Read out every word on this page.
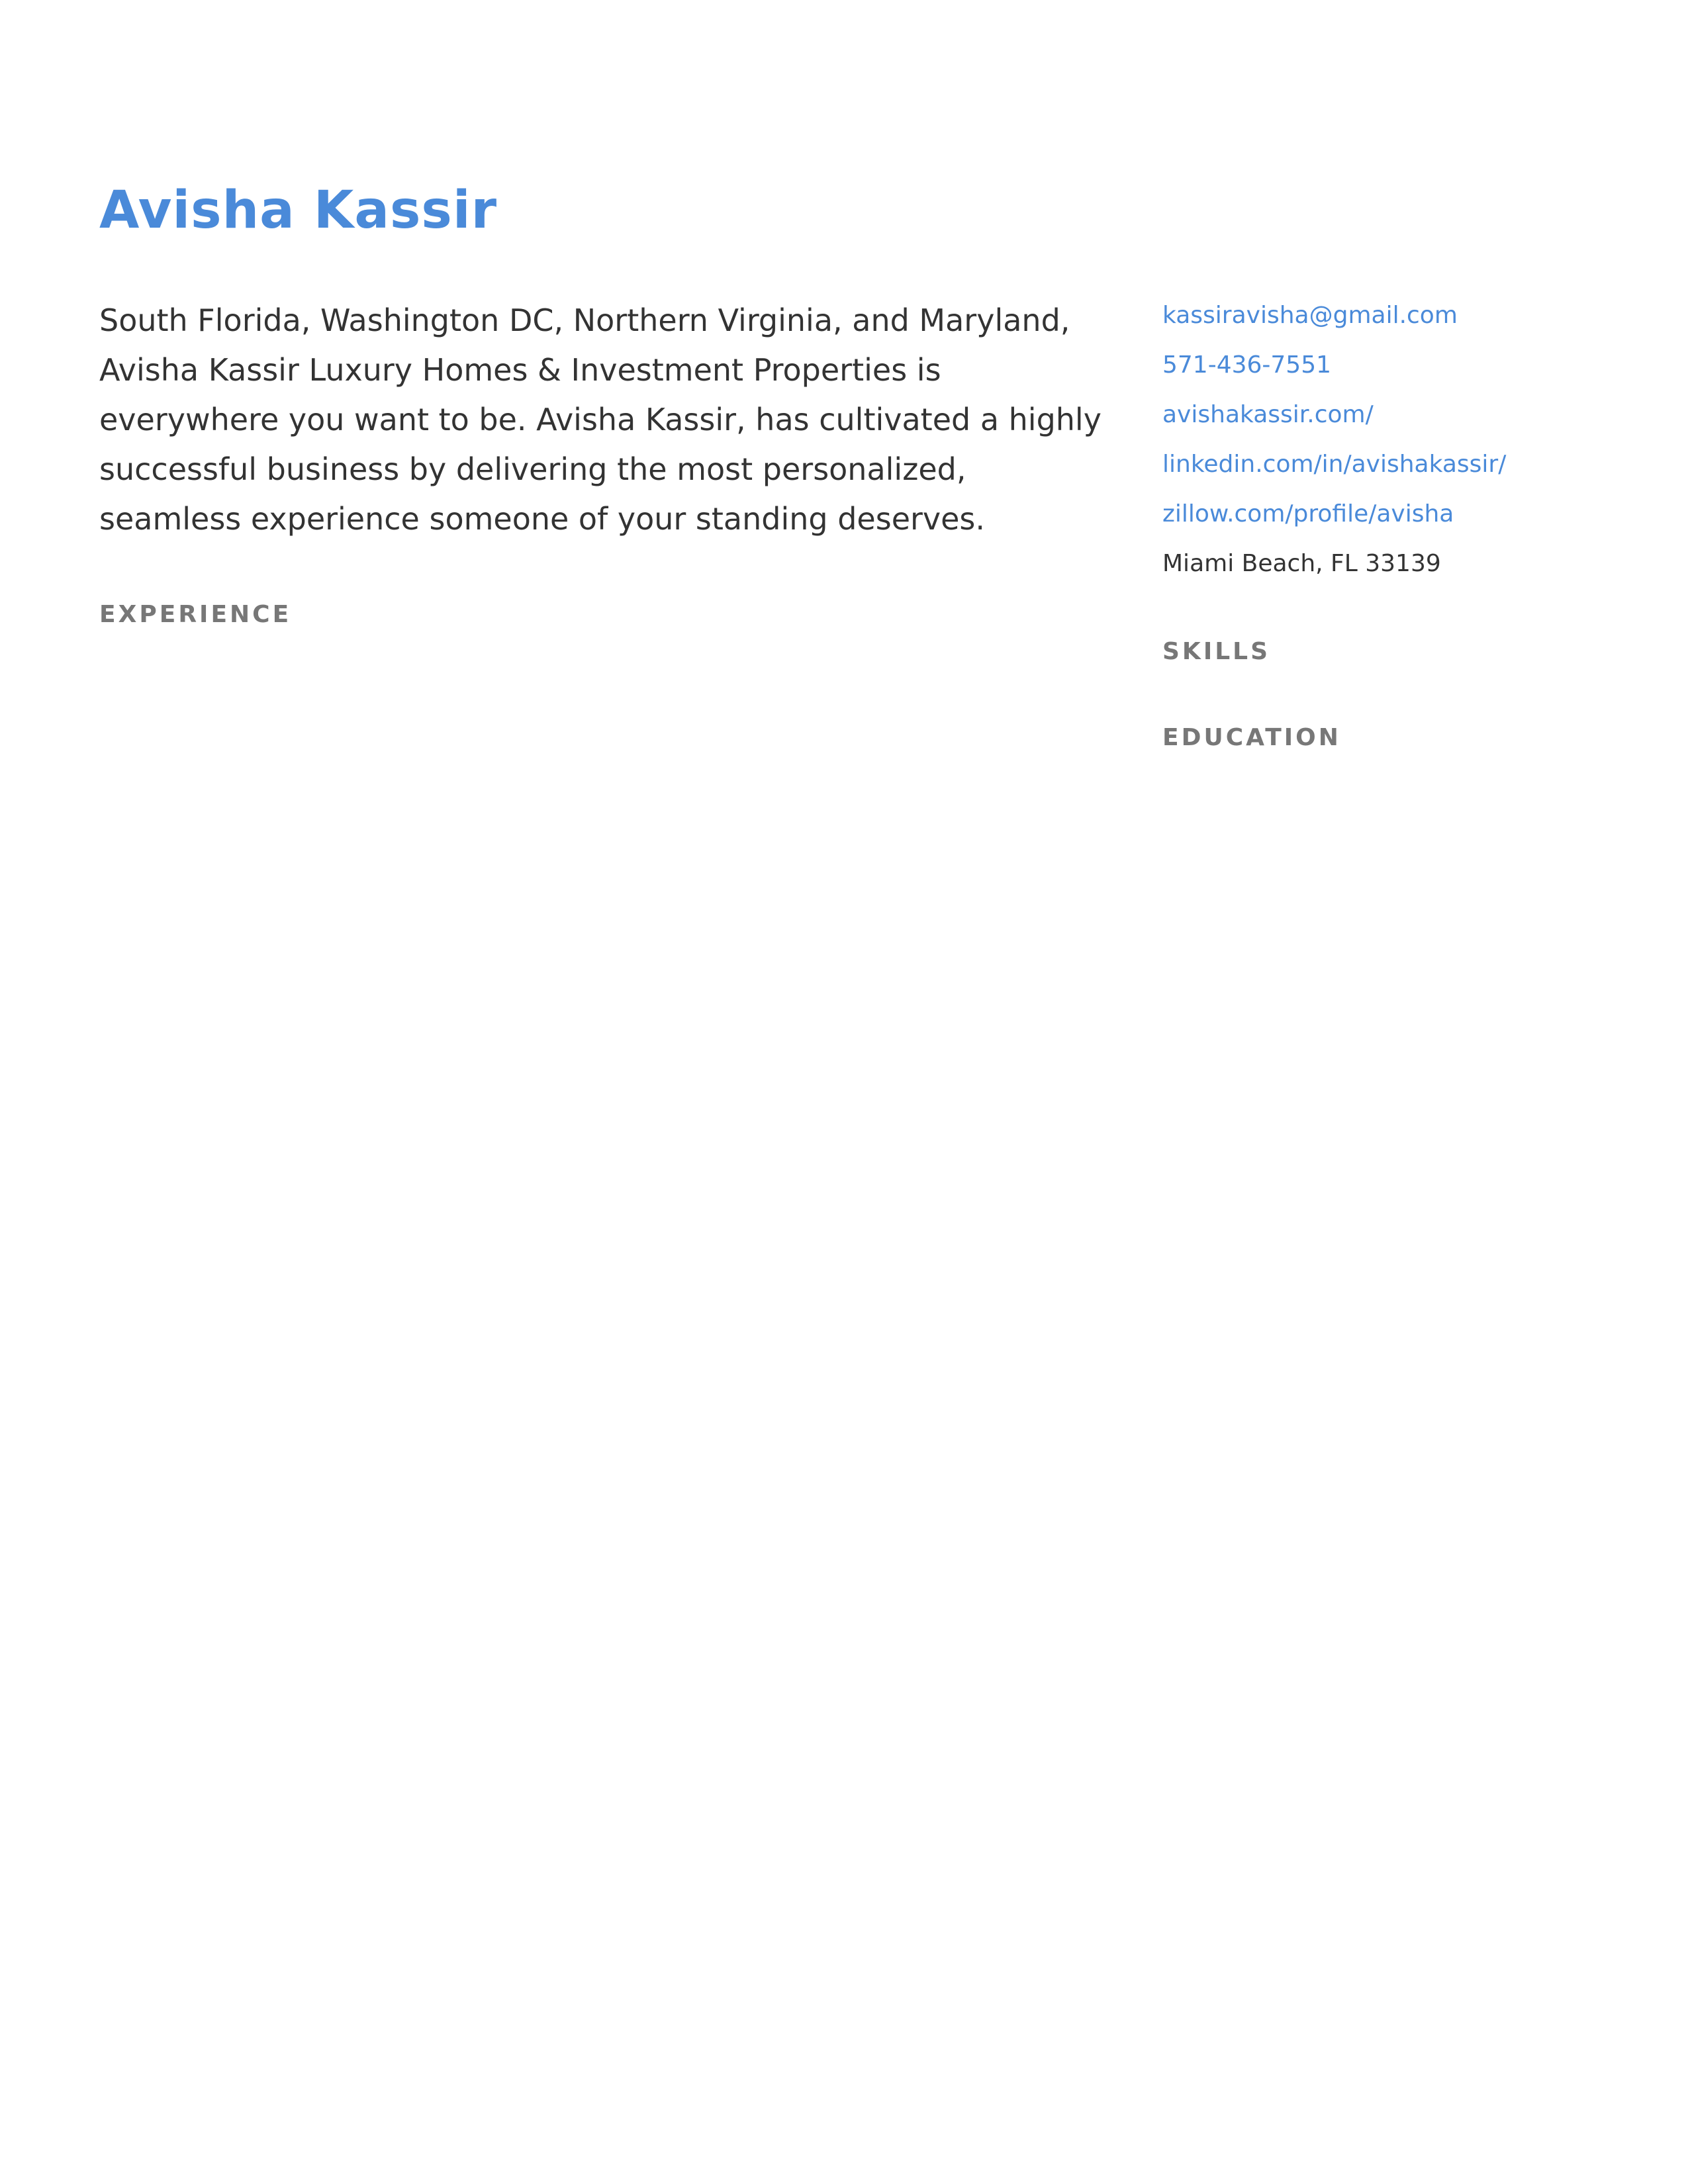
Avisha Kassir

South Florida, Washington DC, Northern Virginia, and Maryland, Avisha Kassir Luxury Homes & Investment Properties is everywhere you want to be. Avisha Kassir, has cultivated a highly successful business by delivering the most personalized, seamless experience someone of your standing deserves.

EXPERIENCE
kassiravisha@gmail.com
571-436-7551
avishakassir.com/
linkedin.com/in/avishakassir/
zillow.com/profile/avisha
Miami Beach, FL 33139
SKILLS
EDUCATION
